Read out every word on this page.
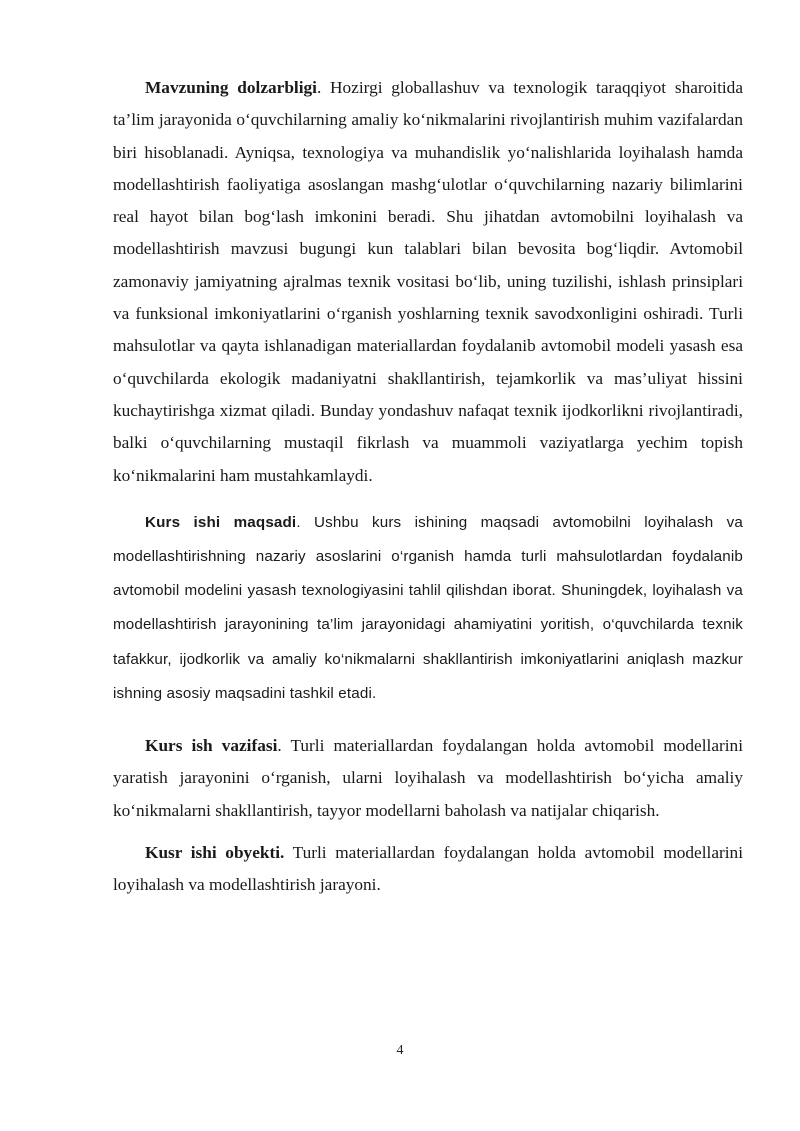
Mavzuning dolzarbligi. Hozirgi globallashuv va texnologik taraqqiyot sharoitida ta’lim jarayonida o‘quvchilarning amaliy ko‘nikmalarini rivojlantirish muhim vazifalardan biri hisoblanadi. Ayniqsa, texnologiya va muhandislik yo‘nalishlarida loyihalash hamda modellashtirish faoliyatiga asoslangan mashg‘ulotlar o‘quvchilarning nazariy bilimlarini real hayot bilan bog‘lash imkonini beradi. Shu jihatdan avtomobilni loyihalash va modellashtirish mavzusi bugungi kun talablari bilan bevosita bog‘liqdir. Avtomobil zamonaviy jamiyatning ajralmas texnik vositasi bo‘lib, uning tuzilishi, ishlash prinsiplari va funksional imkoniyatlarini o‘rganish yoshlarning texnik savodxonligini oshiradi. Turli mahsulotlar va qayta ishlanadigan materiallardan foydalanib avtomobil modeli yasash esa o‘quvchilarda ekologik madaniyatni shakllantirish, tejamkorlik va mas’uliyat hissini kuchaytirishga xizmat qiladi. Bunday yondashuv nafaqat texnik ijodkorlikni rivojlantiradi, balki o‘quvchilarning mustaqil fikrlash va muammoli vaziyatlarga yechim topish ko‘nikmalarini ham mustahkamlaydi.

Kurs ishi maqsadi. Ushbu kurs ishining maqsadi avtomobilni loyihalash va modellashtirishning nazariy asoslarini o‘rganish hamda turli mahsulotlardan foydalanib avtomobil modelini yasash texnologiyasini tahlil qilishdan iborat. Shuningdek, loyihalash va modellashtirish jarayonining ta’lim jarayonidagi ahamiyatini yoritish, o‘quvchilarda texnik tafakkur, ijodkorlik va amaliy ko‘nikmalarni shakllantirish imkoniyatlarini aniqlash mazkur ishning asosiy maqsadini tashkil etadi.

Kurs ish vazifasi. Turli materiallardan foydalangan holda avtomobil modellarini yaratish jarayonini o‘rganish, ularni loyihalash va modellashtirish bo‘yicha amaliy ko‘nikmalarni shakllantirish, tayyor modellarni baholash va natijalar chiqarish.

Kusr ishi obyekti. Turli materiallardan foydalangan holda avtomobil modellarini loyihalash va modellashtirish jarayoni.

4
